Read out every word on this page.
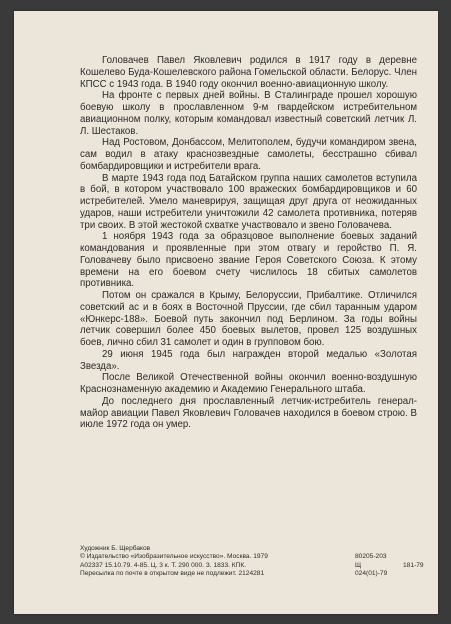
Головачев Павел Яковлевич родился в 1917 году в деревне Кошелево Буда-Кошелевского района Гомельской области. Белорус. Член КПСС с 1943 года. В 1940 году окончил военно-авиационную школу.

На фронте с первых дней войны. В Сталинграде прошел хорошую боевую школу в прославленном 9-м гвардейском истребительном авиационном полку, которым командовал известный советский летчик Л. Л. Шестаков.

Над Ростовом, Донбассом, Мелитополем, будучи командиром звена, сам водил в атаку краснозвездные самолеты, бесстрашно сбивал бомбардировщики и истребители врага.

В марте 1943 года под Батайском группа наших самолетов вступила в бой, в котором участвовало 100 вражеских бомбардировщиков и 60 истребителей. Умело маневрируя, защищая друг друга от неожиданных ударов, наши истребители уничтожили 42 самолета противника, потеряв три своих. В этой жестокой схватке участвовало и звено Головачева.

1 ноября 1943 года за образцовое выполнение боевых заданий командования и проявленные при этом отвагу и геройство П. Я. Головачеву было присвоено звание Героя Советского Союза. К этому времени на его боевом счету числилось 18 сбитых самолетов противника.

Потом он сражался в Крыму, Белоруссии, Прибалтике. Отличился советский ас и в боях в Восточной Пруссии, где сбил таранным ударом «Юнкерс-188». Боевой путь закончил под Берлином. За годы войны летчик совершил более 450 боевых вылетов, провел 125 воздушных боев, лично сбил 31 самолет и один в групповом бою.

29 июня 1945 года был награжден второй медалью «Золотая Звезда».

После Великой Отечественной войны окончил военно-воздушную Краснознаменную академию и Академию Генерального штаба.

До последнего дня прославленный летчик-истребитель генерал-майор авиации Павел Яковлевич Головачев находился в боевом строю. В июле 1972 года он умер.

Художник Б. Щербаков
© Издательство «Изобразительное искусство». Москва. 1979	80205-203
А02337 15.10.79. 4-85. Ц. 3 к. Т. 290 000. З. 1833. КПК.	Щ	181-79
Пересылка по почте в открытом виде не подлежит. 2124281	024(01)-79
